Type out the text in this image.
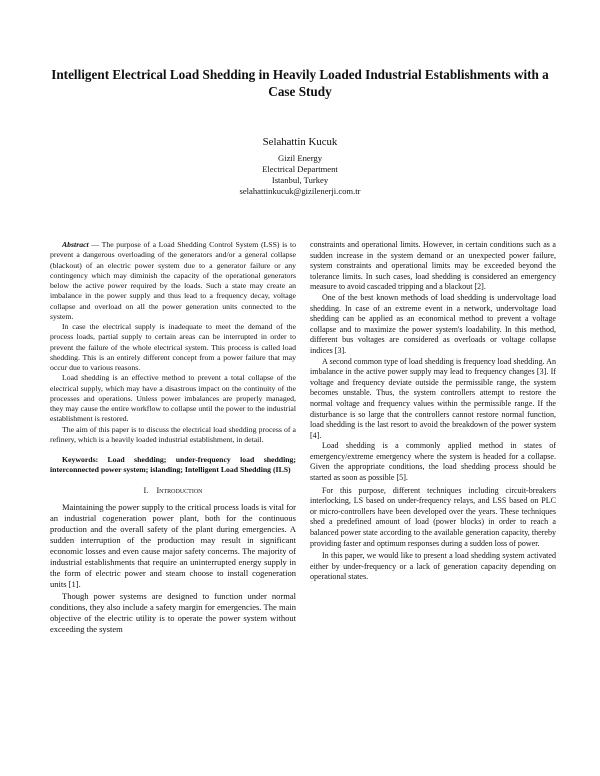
Intelligent Electrical Load Shedding in Heavily Loaded Industrial Establishments with a Case Study
Selahattin Kucuk
Gizil Energy
Electrical Department
Istanbul, Turkey
selahattinkucuk@gizilenerji.com.tr

Abstract — The purpose of a Load Shedding Control System (LSS) is to prevent a dangerous overloading of the generators and/or a general collapse (blackout) of an electric power system due to a generator failure or any contingency which may diminish the capacity of the operational generators below the active power required by the loads. Such a state may create an imbalance in the power supply and thus lead to a frequency decay, voltage collapse and overload on all the power generation units connected to the system.

In case the electrical supply is inadequate to meet the demand of the process loads, partial supply to certain areas can be interrupted in order to prevent the failure of the whole electrical system. This process is called load shedding. This is an entirely different concept from a power failure that may occur due to various reasons.

Load shedding is an effective method to prevent a total collapse of the electrical supply, which may have a disastrous impact on the continuity of the processes and operations. Unless power imbalances are properly managed, they may cause the entire workflow to collapse until the power to the industrial establishment is restored.

The aim of this paper is to discuss the electrical load shedding process of a refinery, which is a heavily loaded industrial establishment, in detail.

Keywords: Load shedding; under-frequency load shedding; interconnected power system; islanding; Intelligent Load Shedding (ILS)

I. Introduction

Maintaining the power supply to the critical process loads is vital for an industrial cogeneration power plant, both for the continuous production and the overall safety of the plant during emergencies. A sudden interruption of the production may result in significant economic losses and even cause major safety concerns. The majority of industrial establishments that require an uninterrupted energy supply in the form of electric power and steam choose to install cogeneration units [1].

Though power systems are designed to function under normal conditions, they also include a safety margin for emergencies. The main objective of the electric utility is to operate the power system without exceeding the system

constraints and operational limits. However, in certain conditions such as a sudden increase in the system demand or an unexpected power failure, system constraints and operational limits may be exceeded beyond the tolerance limits. In such cases, load shedding is considered an emergency measure to avoid cascaded tripping and a blackout [2].

One of the best known methods of load shedding is undervoltage load shedding. In case of an extreme event in a network, undervoltage load shedding can be applied as an economical method to prevent a voltage collapse and to maximize the power system's loadability. In this method, different bus voltages are considered as overloads or voltage collapse indices [3].

A second common type of load shedding is frequency load shedding. An imbalance in the active power supply may lead to frequency changes [3]. If voltage and frequency deviate outside the permissible range, the system becomes unstable. Thus, the system controllers attempt to restore the normal voltage and frequency values within the permissible range. If the disturbance is so large that the controllers cannot restore normal function, load shedding is the last resort to avoid the breakdown of the power system [4].

Load shedding is a commonly applied method in states of emergency/extreme emergency where the system is headed for a collapse. Given the appropriate conditions, the load shedding process should be started as soon as possible [5].

For this purpose, different techniques including circuit-breakers interlocking, LS based on under-frequency relays, and LSS based on PLC or micro-controllers have been developed over the years. These techniques shed a predefined amount of load (power blocks) in order to reach a balanced power state according to the available generation capacity, thereby providing faster and optimum responses during a sudden loss of power.

In this paper, we would like to present a load shedding system activated either by under-frequency or a lack of generation capacity depending on operational states.
